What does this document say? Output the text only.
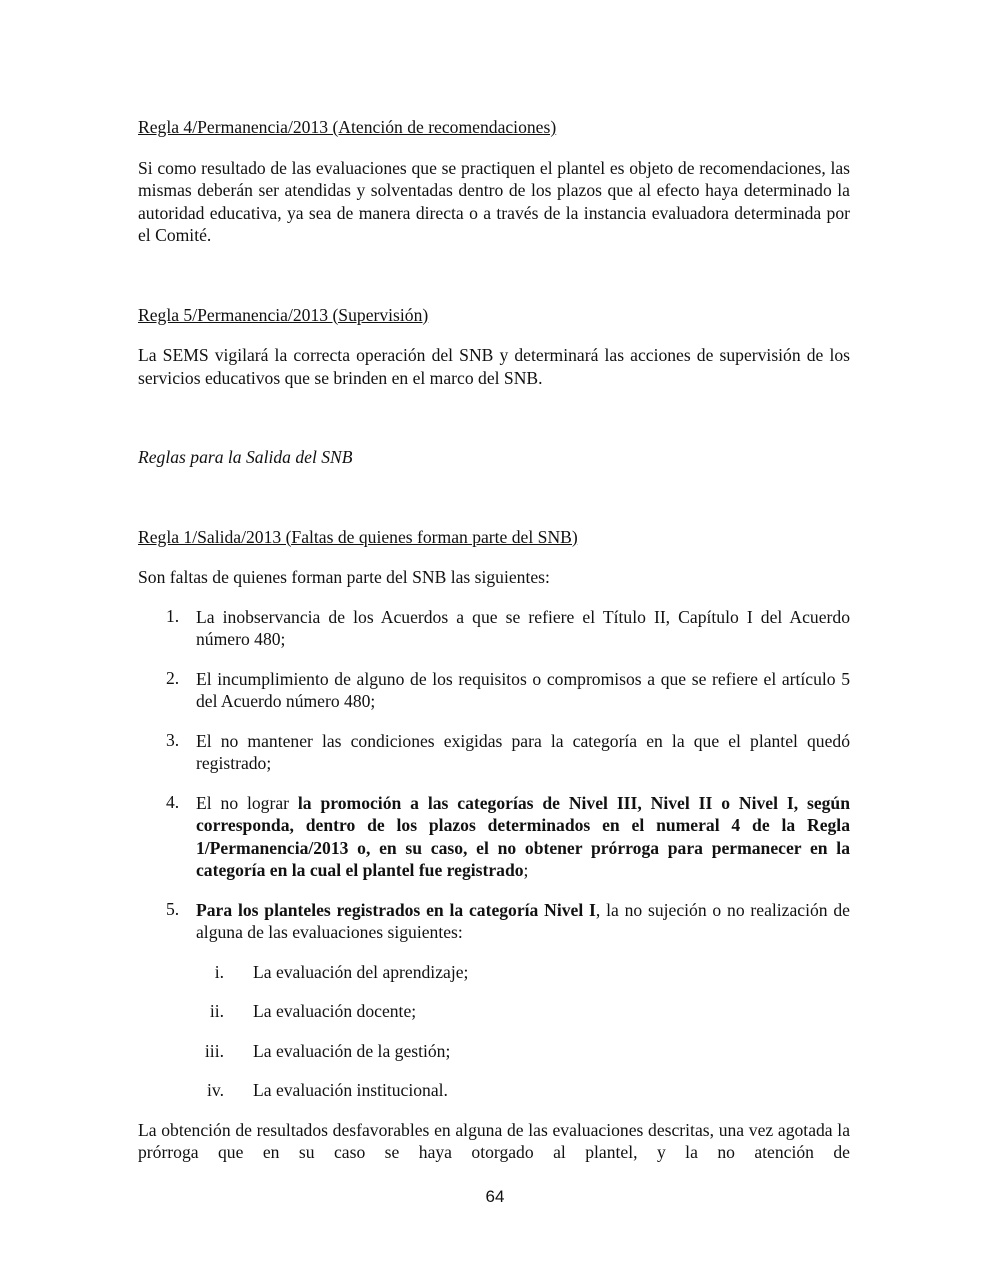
Regla 4/Permanencia/2013 (Atención de recomendaciones)

Si como resultado de las evaluaciones que se practiquen el plantel es objeto de recomendaciones, las mismas deberán ser atendidas y solventadas dentro de los plazos que al efecto haya determinado la autoridad educativa, ya sea de manera directa o a través de la instancia evaluadora determinada por el Comité.

Regla 5/Permanencia/2013 (Supervisión)

La SEMS vigilará la correcta operación del SNB y determinará las acciones de supervisión de los servicios educativos que se brinden en el marco del SNB.

Reglas para la Salida del SNB

Regla 1/Salida/2013 (Faltas de quienes forman parte del SNB)

Son faltas de quienes forman parte del SNB las siguientes:

1. La inobservancia de los Acuerdos a que se refiere el Título II, Capítulo I del Acuerdo número 480;

2. El incumplimiento de alguno de los requisitos o compromisos a que se refiere el artículo 5 del Acuerdo número 480;

3. El no mantener las condiciones exigidas para la categoría en la que el plantel quedó registrado;

4. El no lograr la promoción a las categorías de Nivel III, Nivel II o Nivel I, según corresponda, dentro de los plazos determinados en el numeral 4 de la Regla 1/Permanencia/2013 o, en su caso, el no obtener prórroga para permanecer en la categoría en la cual el plantel fue registrado;

5. Para los planteles registrados en la categoría Nivel I, la no sujeción o no realización de alguna de las evaluaciones siguientes:

i. La evaluación del aprendizaje;
ii. La evaluación docente;
iii. La evaluación de la gestión;
iv. La evaluación institucional.

La obtención de resultados desfavorables en alguna de las evaluaciones descritas, una vez agotada la prórroga que en su caso se haya otorgado al plantel, y la no atención de

64
